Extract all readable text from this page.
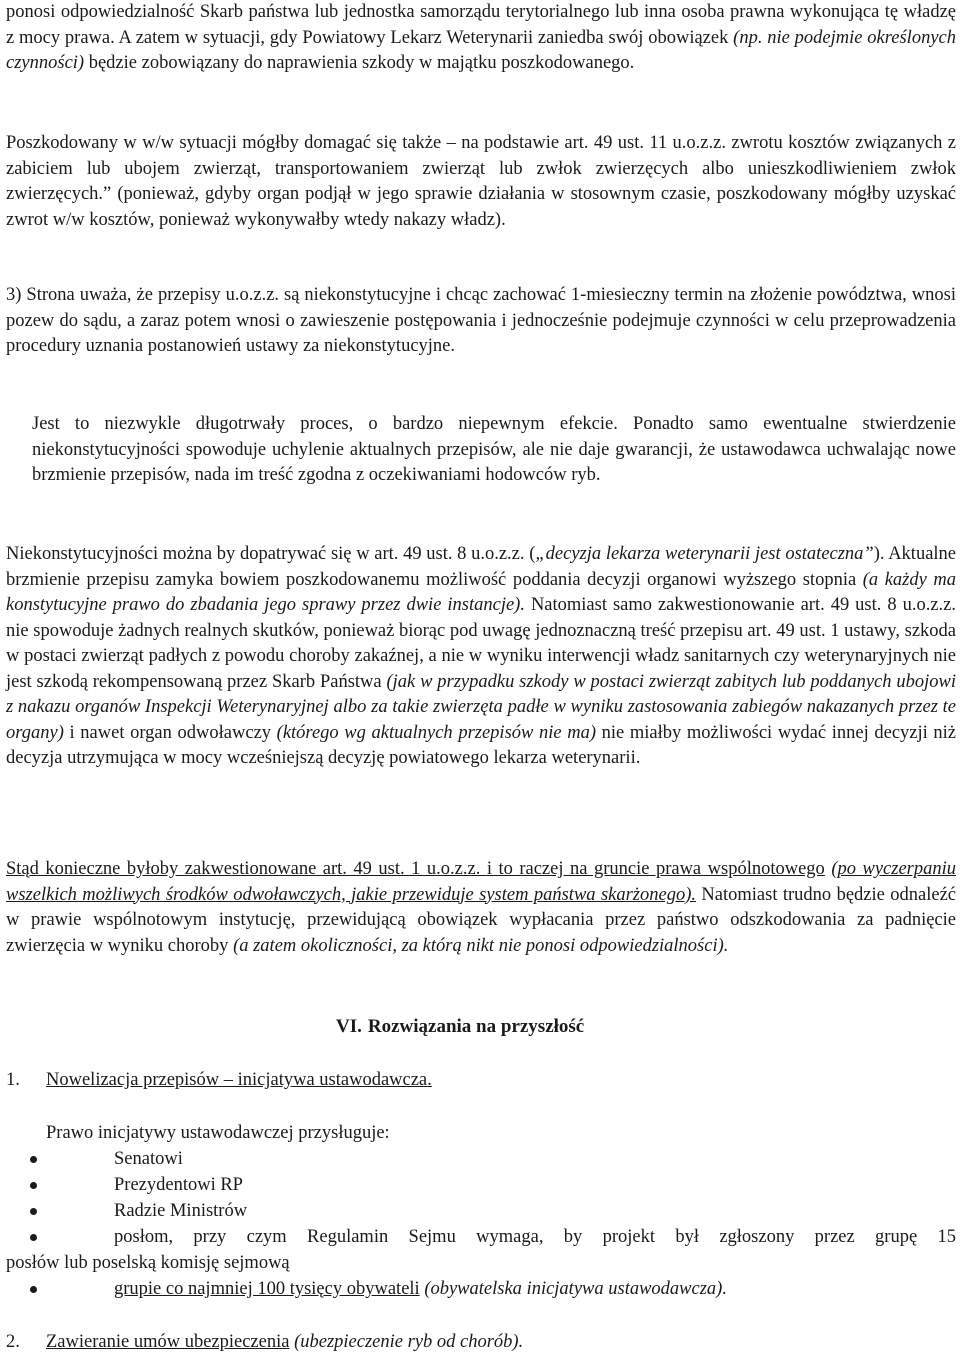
ponosi odpowiedzialność Skarb państwa lub jednostka samorządu terytorialnego lub inna osoba prawna wykonująca tę władzę z mocy prawa. A zatem w sytuacji, gdy Powiatowy Lekarz Weterynarii zaniedba swój obowiązek (np. nie podejmie określonych czynności) będzie zobowiązany do naprawienia szkody w majątku poszkodowanego.

Poszkodowany w w/w sytuacji mógłby domagać się także – na podstawie art. 49 ust. 11 u.o.z.z. zwrotu kosztów związanych z zabiciem lub ubojem zwierząt, transportowaniem zwierząt lub zwłok zwierzęcych albo unieszkodliwieniem zwłok zwierzęcych.” (ponieważ, gdyby organ podjął w jego sprawie działania w stosownym czasie, poszkodowany mógłby uzyskać zwrot w/w kosztów, ponieważ wykonywałby wtedy nakazy władz).

3) Strona uważa, że przepisy u.o.z.z. są niekonstytucyjne i chcąc zachować 1-miesieczny termin na złożenie powództwa, wnosi pozew do sądu, a zaraz potem wnosi o zawieszenie postępowania i jednocześnie podejmuje czynności w celu przeprowadzenia procedury uznania postanowień ustawy za niekonstytucyjne.

Jest to niezwykle długotrwały proces, o bardzo niepewnym efekcie. Ponadto samo ewentualne stwierdzenie niekonstytucyjności spowoduje uchylenie aktualnych przepisów, ale nie daje gwarancji, że ustawodawca uchwalając nowe brzmienie przepisów, nada im treść zgodna z oczekiwaniami hodowców ryb.

Niekonstytucyjności można by dopatrywać się w art. 49 ust. 8 u.o.z.z. („decyzja lekarza weterynarii jest ostateczna”). Aktualne brzmienie przepisu zamyka bowiem poszkodowanemu możliwość poddania decyzji organowi wyższego stopnia (a każdy ma konstytucyjne prawo do zbadania jego sprawy przez dwie instancje). Natomiast samo zakwestionowanie art. 49 ust. 8 u.o.z.z. nie spowoduje żadnych realnych skutków, ponieważ biorąc pod uwagę jednoznaczną treść przepisu art. 49 ust. 1 ustawy, szkoda w postaci zwierząt padłych z powodu choroby zakaźnej, a nie w wyniku interwencji władz sanitarnych czy weterynaryjnych nie jest szkodą rekompensowaną przez Skarb Państwa (jak w przypadku szkody w postaci zwierząt zabitych lub poddanych ubojowi z nakazu organów Inspekcji Weterynaryjnej albo za takie zwierzęta padłe w wyniku zastosowania zabiegów nakazanych przez te organy) i nawet organ odwoławczy (którego wg aktualnych przepisów nie ma) nie miałby możliwości wydać innej decyzji niż decyzja utrzymująca w mocy wcześniejszą decyzję powiatowego lekarza weterynarii.

Stąd konieczne byłoby zakwestionowane art. 49 ust. 1 u.o.z.z. i to raczej na gruncie prawa wspólnotowego (po wyczerpaniu wszelkich możliwych środków odwoławczych, jakie przewiduje system państwa skarżonego). Natomiast trudno będzie odnaleźć w prawie wspólnotowym instytucję, przewidującą obowiązek wypłacania przez państwo odszkodowania za padnięcie zwierzęcia w wyniku choroby (a zatem okoliczności, za którą nikt nie ponosi odpowiedzialności).

VI. Rozwiązania na przyszłość
1. Nowelizacja przepisów – inicjatywa ustawodawcza.
Prawo inicjatywy ustawodawczej przysługuje:
Senatowi
Prezydentowi RP
Radzie Ministrów
posłom, przy czym Regulamin Sejmu wymaga, by projekt był zgłoszony przez grupę 15
posłów lub poselską komisję sejmową
grupie co najmniej 100 tysięcy obywateli (obywatelska inicjatywa ustawodawcza).
2. Zawieranie umów ubezpieczenia (ubezpieczenie ryb od chorób).
